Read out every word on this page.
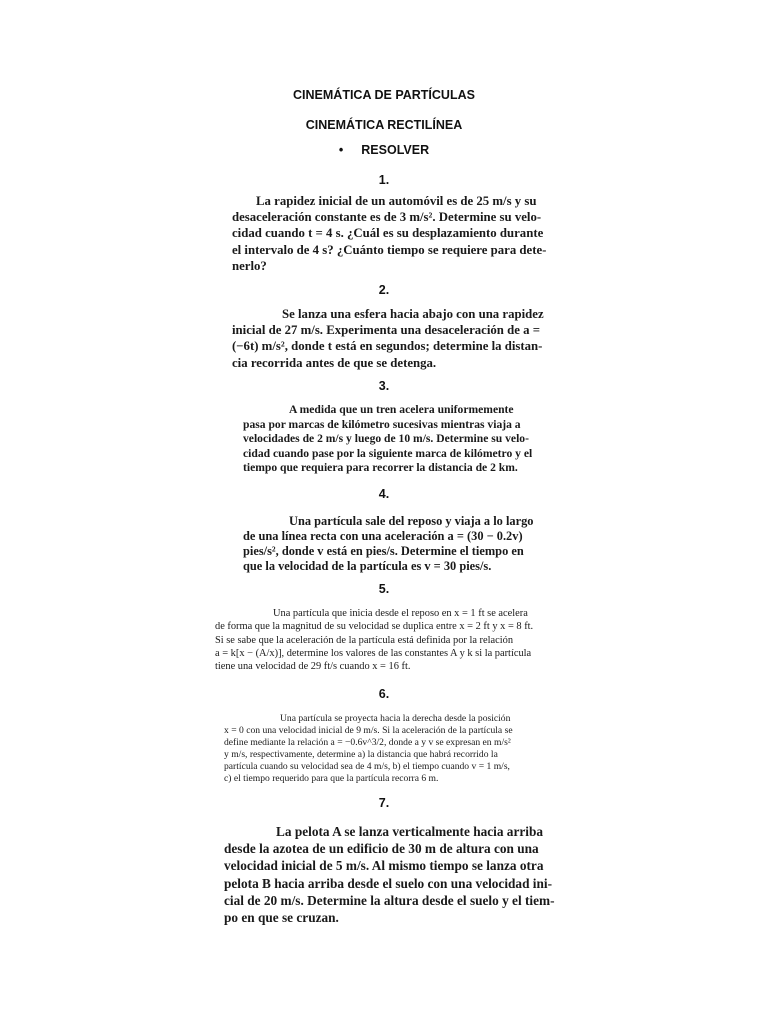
CINEMÁTICA DE PARTÍCULAS
CINEMÁTICA RECTILÍNEA
• RESOLVER
1.
La rapidez inicial de un automóvil es de 25 m/s y su
desaceleración constante es de 3 m/s². Determine su velo-
cidad cuando t = 4 s. ¿Cuál es su desplazamiento durante
el intervalo de 4 s? ¿Cuánto tiempo se requiere para dete-
nerlo?
2.
Se lanza una esfera hacia abajo con una rapidez
inicial de 27 m/s. Experimenta una desaceleración de a =
(−6t) m/s², donde t está en segundos; determine la distan-
cia recorrida antes de que se detenga.
3.
A medida que un tren acelera uniformemente
pasa por marcas de kilómetro sucesivas mientras viaja a
velocidades de 2 m/s y luego de 10 m/s. Determine su velo-
cidad cuando pase por la siguiente marca de kilómetro y el
tiempo que requiera para recorrer la distancia de 2 km.
4.
Una partícula sale del reposo y viaja a lo largo
de una línea recta con una aceleración a = (30 − 0.2v)
pies/s², donde v está en pies/s. Determine el tiempo en
que la velocidad de la partícula es v = 30 pies/s.
5.
Una partícula que inicia desde el reposo en x = 1 ft se acelera
de forma que la magnitud de su velocidad se duplica entre x = 2 ft y x = 8 ft.
Si se sabe que la aceleración de la partícula está definida por la relación
a = k[x − (A/x)], determine los valores de las constantes A y k si la partícula
tiene una velocidad de 29 ft/s cuando x = 16 ft.
6.
Una partícula se proyecta hacia la derecha desde la posición
x = 0 con una velocidad inicial de 9 m/s. Si la aceleración de la partícula se
define mediante la relación a = −0.6v^3/2, donde a y v se expresan en m/s²
y m/s, respectivamente, determine a) la distancia que habrá recorrido la
partícula cuando su velocidad sea de 4 m/s, b) el tiempo cuando v = 1 m/s,
c) el tiempo requerido para que la partícula recorra 6 m.
7.
La pelota A se lanza verticalmente hacia arriba
desde la azotea de un edificio de 30 m de altura con una
velocidad inicial de 5 m/s. Al mismo tiempo se lanza otra
pelota B hacia arriba desde el suelo con una velocidad ini-
cial de 20 m/s. Determine la altura desde el suelo y el tiem-
po en que se cruzan.
